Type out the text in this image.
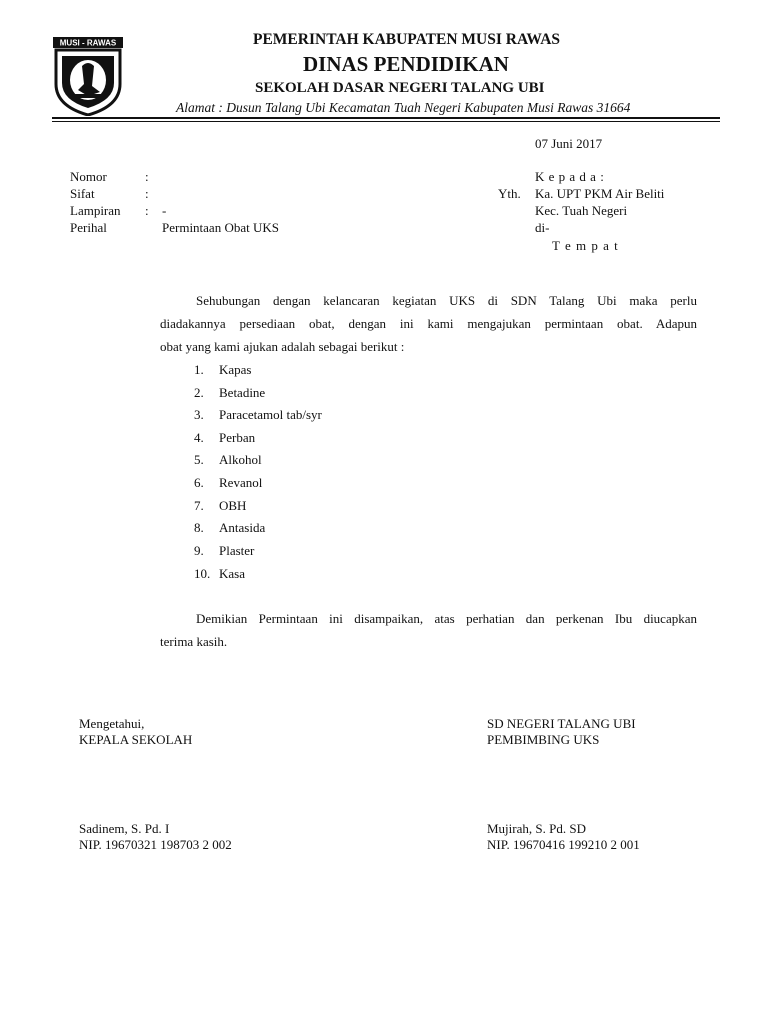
MUSI - RAWAS	PEMERINTAH KABUPATEN MUSI RAWAS
DINAS PENDIDIKAN
SEKOLAH DASAR NEGERI TALANG UBI
Alamat : Dusun Talang Ubi Kecamatan Tuah Negeri Kabupaten Musi Rawas 31664
07 Juni 2017
Nomor	:
Sifat	:
Lampiran : -
Perihal	Permintaan Obat UKS
K e p a d a :
Yth. Ka. UPT PKM Air Beliti
Kec. Tuah Negeri
di-
T e m p a t
Sehubungan dengan kelancaran kegiatan UKS di SDN Talang Ubi maka perlu
diadakannya persediaan obat, dengan ini kami mengajukan permintaan obat. Adapun
obat yang kami ajukan adalah sebagai berikut :
1. Kapas
2. Betadine
3. Paracetamol tab/syr
4. Perban
5. Alkohol
6. Revanol
7. OBH
8. Antasida
9. Plaster
10. Kasa
Demikian Permintaan ini disampaikan, atas perhatian dan perkenan Ibu diucapkan
terima kasih.
Mengetahui,
KEPALA SEKOLAH
Sadinem, S. Pd. I
NIP. 19670321 198703 2 002
SD NEGERI TALANG UBI
PEMBIMBING UKS
Mujirah, S. Pd. SD
NIP. 19670416 199210 2 001
